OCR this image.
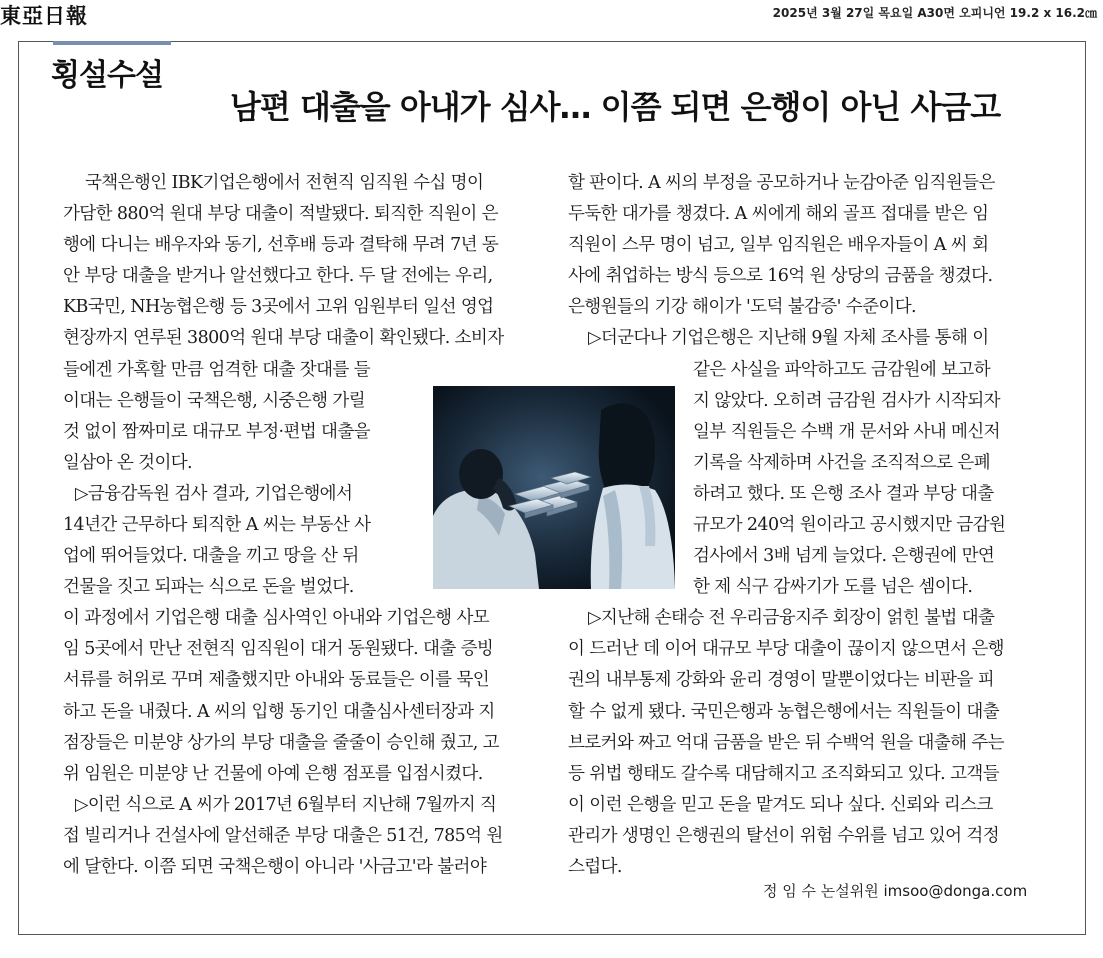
東亞日報	2025년 3월 27일 목요일 A30면 오피니언 19.2 x 16.2㎝
횡설수설
남편 대출을 아내가 심사… 이쯤 되면 은행이 아닌 사금고
국책은행인 IBK기업은행에서 전현직 임직원 수십 명이
가담한 880억 원대 부당 대출이 적발됐다. 퇴직한 직원이 은
행에 다니는 배우자와 동기, 선후배 등과 결탁해 무려 7년 동
안 부당 대출을 받거나 알선했다고 한다. 두 달 전에는 우리,
KB국민, NH농협은행 등 3곳에서 고위 임원부터 일선 영업
현장까지 연루된 3800억 원대 부당 대출이 확인됐다. 소비자
들에겐 가혹할 만큼 엄격한 대출 잣대를 들
이대는 은행들이 국책은행, 시중은행 가릴
것 없이 짬짜미로 대규모 부정·편법 대출을
일삼아 온 것이다.
▷금융감독원 검사 결과, 기업은행에서
14년간 근무하다 퇴직한 A 씨는 부동산 사
업에 뛰어들었다. 대출을 끼고 땅을 산 뒤
건물을 짓고 되파는 식으로 돈을 벌었다.
이 과정에서 기업은행 대출 심사역인 아내와 기업은행 사모
임 5곳에서 만난 전현직 임직원이 대거 동원됐다. 대출 증빙
서류를 허위로 꾸며 제출했지만 아내와 동료들은 이를 묵인
하고 돈을 내줬다. A 씨의 입행 동기인 대출심사센터장과 지
점장들은 미분양 상가의 부당 대출을 줄줄이 승인해 줬고, 고
위 임원은 미분양 난 건물에 아예 은행 점포를 입점시켰다.
▷이런 식으로 A 씨가 2017년 6월부터 지난해 7월까지 직
접 빌리거나 건설사에 알선해준 부당 대출은 51건, 785억 원
에 달한다. 이쯤 되면 국책은행이 아니라 '사금고'라 불러야
할 판이다. A 씨의 부정을 공모하거나 눈감아준 임직원들은
두둑한 대가를 챙겼다. A 씨에게 해외 골프 접대를 받은 임
직원이 스무 명이 넘고, 일부 임직원은 배우자들이 A 씨 회
사에 취업하는 방식 등으로 16억 원 상당의 금품을 챙겼다.
은행원들의 기강 해이가 '도덕 불감증' 수준이다.
▷더군다나 기업은행은 지난해 9월 자체 조사를 통해 이
같은 사실을 파악하고도 금감원에 보고하
지 않았다. 오히려 금감원 검사가 시작되자
일부 직원들은 수백 개 문서와 사내 메신저
기록을 삭제하며 사건을 조직적으로 은폐
하려고 했다. 또 은행 조사 결과 부당 대출
규모가 240억 원이라고 공시했지만 금감원
검사에서 3배 넘게 늘었다. 은행권에 만연
한 제 식구 감싸기가 도를 넘은 셈이다.
▷지난해 손태승 전 우리금융지주 회장이 얽힌 불법 대출
이 드러난 데 이어 대규모 부당 대출이 끊이지 않으면서 은행
권의 내부통제 강화와 윤리 경영이 말뿐이었다는 비판을 피
할 수 없게 됐다. 국민은행과 농협은행에서는 직원들이 대출
브로커와 짜고 억대 금품을 받은 뒤 수백억 원을 대출해 주는
등 위법 행태도 갈수록 대담해지고 조직화되고 있다. 고객들
이 이런 은행을 믿고 돈을 맡겨도 되나 싶다. 신뢰와 리스크
관리가 생명인 은행권의 탈선이 위험 수위를 넘고 있어 걱정
스럽다.
정 임 수 논설위원 imsoo@donga.com
